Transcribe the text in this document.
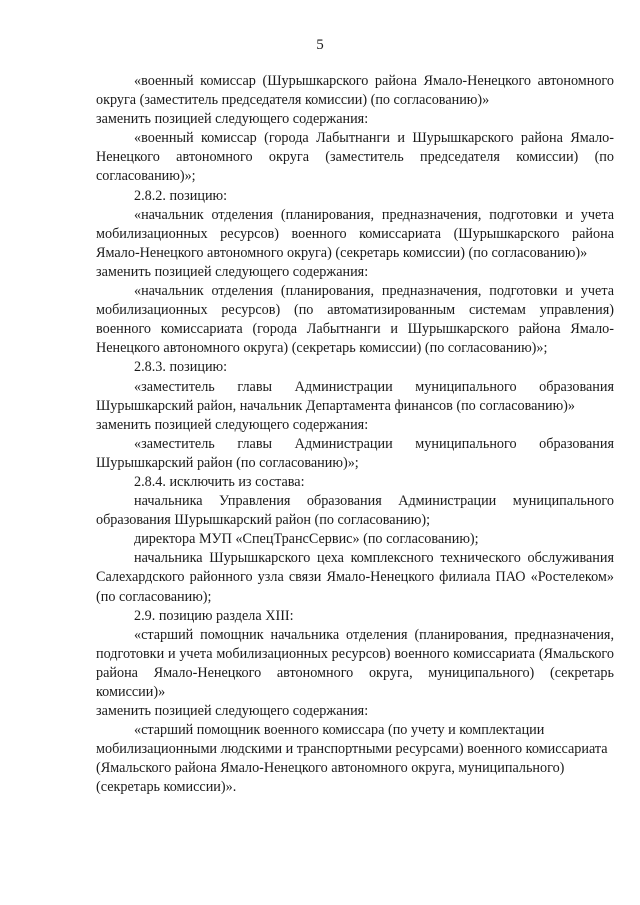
5

«военный комиссар (Шурышкарского района Ямало-Ненецкого автономного округа (заместитель председателя комиссии) (по согласованию)»

заменить позицией следующего содержания:

«военный комиссар (города Лабытнанги и Шурышкарского района Ямало-Ненецкого автономного округа (заместитель председателя комиссии) (по согласованию)»;

2.8.2. позицию:

«начальник отделения (планирования, предназначения, подготовки и учета мобилизационных ресурсов) военного комиссариата (Шурышкарского района Ямало-Ненецкого автономного округа) (секретарь комиссии) (по согласованию)»

заменить позицией следующего содержания:

«начальник отделения (планирования, предназначения, подготовки и учета мобилизационных ресурсов) (по автоматизированным системам управления) военного комиссариата (города Лабытнанги и Шурышкарского района Ямало-Ненецкого автономного округа) (секретарь комиссии) (по согласованию)»;

2.8.3. позицию:

«заместитель главы Администрации муниципального образования Шурышкарский район, начальник Департамента финансов (по согласованию)»

заменить позицией следующего содержания:

«заместитель главы Администрации муниципального образования Шурышкарский район (по согласованию)»;

2.8.4. исключить из состава:

начальника Управления образования Администрации муниципального образования Шурышкарский район (по согласованию);

директора МУП «СпецТрансСервис» (по согласованию);

начальника Шурышкарского цеха комплексного технического обслуживания Салехардского районного узла связи Ямало-Ненецкого филиала ПАО «Ростелеком» (по согласованию);

2.9. позицию раздела XIII:

«старший помощник начальника отделения (планирования, предназначения, подготовки и учета мобилизационных ресурсов) военного комиссариата (Ямальского района Ямало-Ненецкого автономного округа, муниципального) (секретарь комиссии)»

заменить позицией следующего содержания:

«старший помощник военного комиссара (по учету и комплектации мобилизационными людскими и транспортными ресурсами) военного комиссариата (Ямальского района Ямало-Ненецкого автономного округа, муниципального) (секретарь комиссии)».
